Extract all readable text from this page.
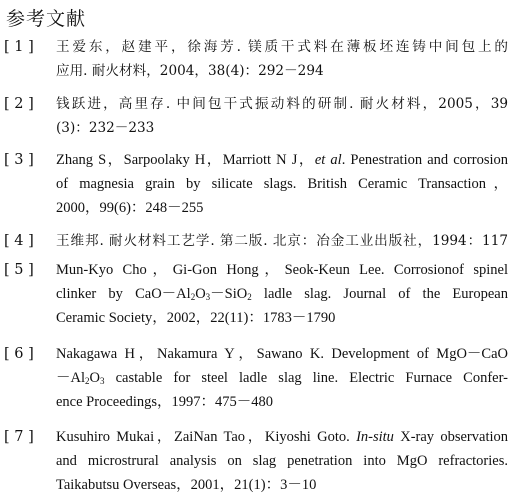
参考文献
[ 1 ]	王爱东，赵建平，徐海芳. 镁质干式料在薄板坯连铸中间包上的
应用. 耐火材料，2004，38(4)：292－294
[ 2 ]	钱跃进，高里存. 中间包干式振动料的研制. 耐火材料，2005，39
(3)：232－233
[ 3 ]	Zhang S，Sarpoolaky H，Marriott N J，et al. Penestration and corrosion
of magnesia grain by silicate slags. British Ceramic Transaction，
2000，99(6)：248－255
[ 4 ]	王维邦. 耐火材料工艺学. 第二版. 北京：冶金工业出版社，1994：117
[ 5 ]	Mun-Kyo Cho，Gi-Gon Hong，Seok-Keun Lee. Corrosionof spinel
clinker by $CaO-Al_2O_3-SiO_2$ ladle slag. Journal of the European
Ceramic Society，2002，22(11)：1783－1790
[ 6 ]	Nakagawa H，Nakamura Y，Sawano K. Development of MgO－CaO
$-Al_2O_3$ castable for steel ladle slag line. Electric Furnace Confer-
ence Proceedings，1997：475－480
[ 7 ]	Kusuhiro Mukai，ZaiNan Tao，Kiyoshi Goto. In-situ X-ray observation
and microstrural analysis on slag penetration into MgO refractories.
Taikabutsu Overseas，2001，21(1)：3－10
